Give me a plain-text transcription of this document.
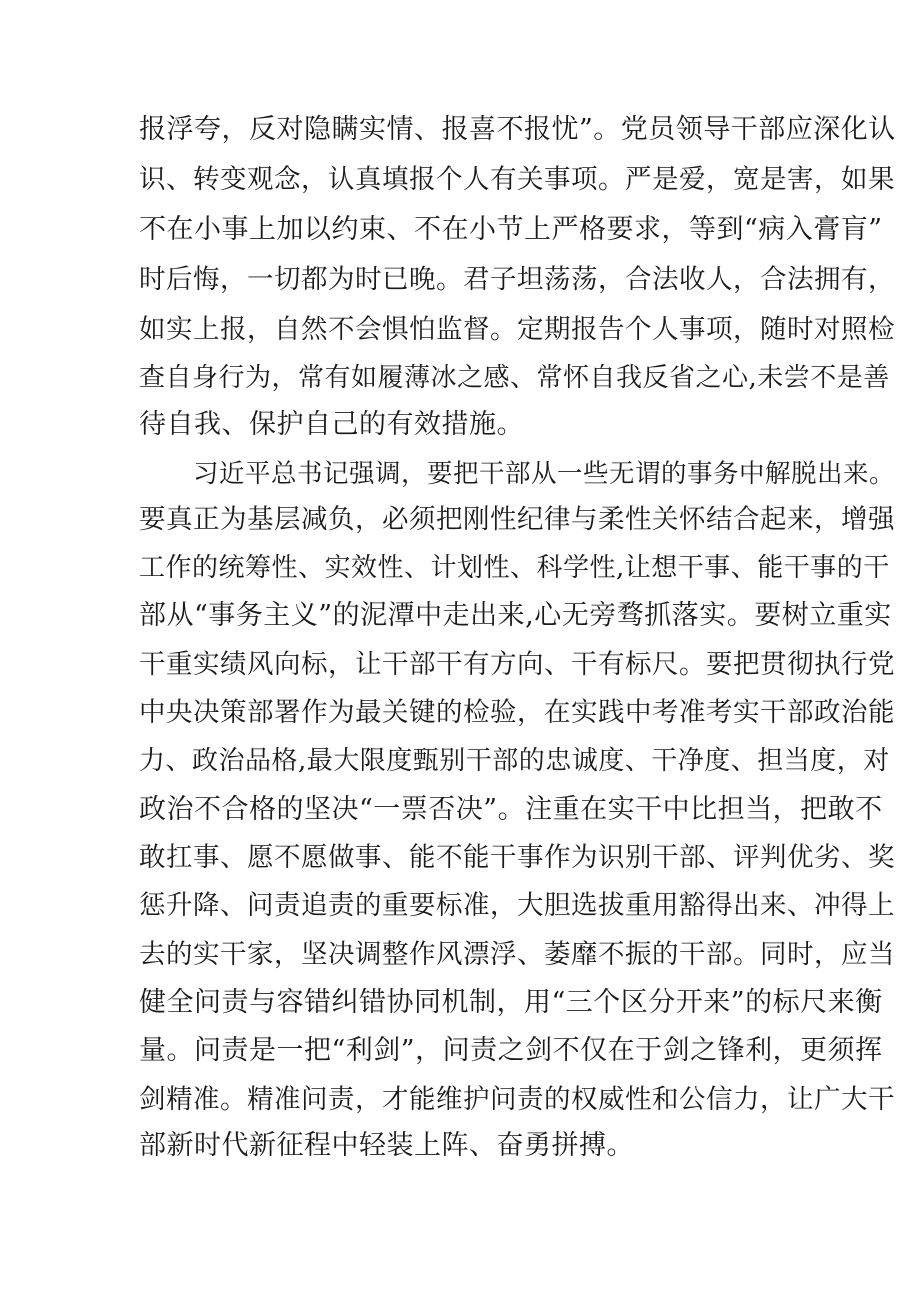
报浮夸，反对隐瞒实情、报喜不报忧”。党员领导干部应深化认
识、转变观念，认真填报个人有关事项。严是爱，宽是害，如果
不在小事上加以约束、不在小节上严格要求，等到“病入膏肓”
时后悔，一切都为时已晚。君子坦荡荡，合法收人，合法拥有，
如实上报，自然不会惧怕监督。定期报告个人事项，随时对照检
查自身行为，常有如履薄冰之感、常怀自我反省之心,未尝不是善
待自我、保护自己的有效措施。
习近平总书记强调，要把干部从一些无谓的事务中解脱出来。
要真正为基层减负，必须把刚性纪律与柔性关怀结合起来，增强
工作的统筹性、实效性、计划性、科学性,让想干事、能干事的干
部从“事务主义”的泥潭中走出来,心无旁骛抓落实。要树立重实
干重实绩风向标，让干部干有方向、干有标尺。要把贯彻执行党
中央决策部署作为最关键的检验，在实践中考准考实干部政治能
力、政治品格,最大限度甄别干部的忠诚度、干净度、担当度，对
政治不合格的坚决“一票否决”。注重在实干中比担当，把敢不
敢扛事、愿不愿做事、能不能干事作为识别干部、评判优劣、奖
惩升降、问责追责的重要标准，大胆选拔重用豁得出来、冲得上
去的实干家，坚决调整作风漂浮、萎靡不振的干部。同时，应当
健全问责与容错纠错协同机制，用“三个区分开来”的标尺来衡
量。问责是一把“利剑”，问责之剑不仅在于剑之锋利，更须挥
剑精准。精准问责，才能维护问责的权威性和公信力，让广大干
部新时代新征程中轻装上阵、奋勇拼搏。
